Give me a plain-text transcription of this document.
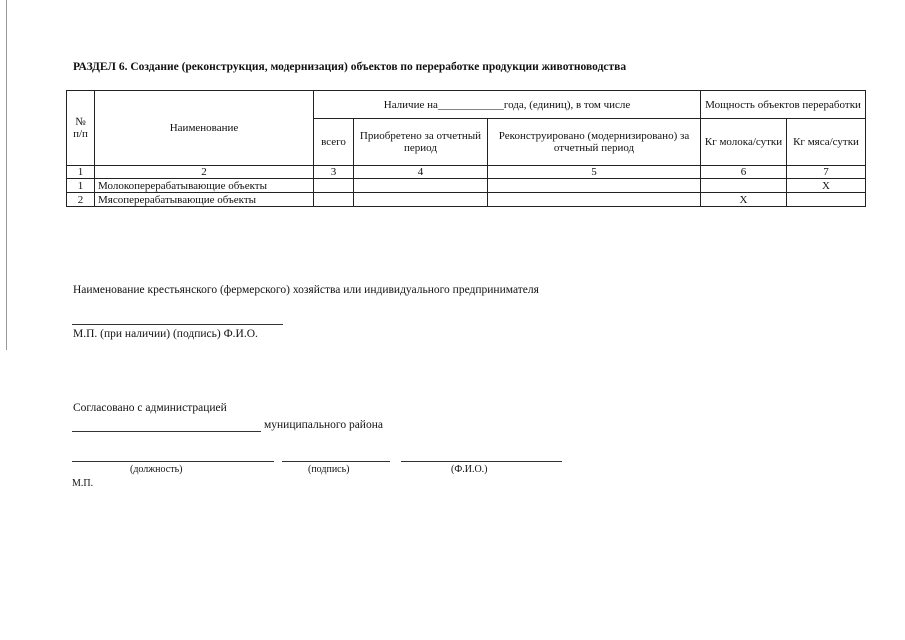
РАЗДЕЛ 6. Создание (реконструкция, модернизация) объектов по переработке продукции животноводства
№ п/п	Наименование	Наличие на____________года, (единиц), в том числе			Мощность объектов переработки	
		всего	Приобретено за отчетный период	Реконструировано (модернизировано) за отчетный период	Кг молока/сутки	Кг мяса/сутки
1	2	3	4	5	6	7
1	Молокоперерабатывающие объекты					Х
2	Мясоперерабатывающие объекты				Х	
Наименование крестьянского (фермерского) хозяйства или индивидуального предпринимателя
М.П. (при наличии) (подпись) Ф.И.О.
Согласовано с администрацией
муниципального района
(должность)	(подпись)	(Ф.И.О.)
М.П.
